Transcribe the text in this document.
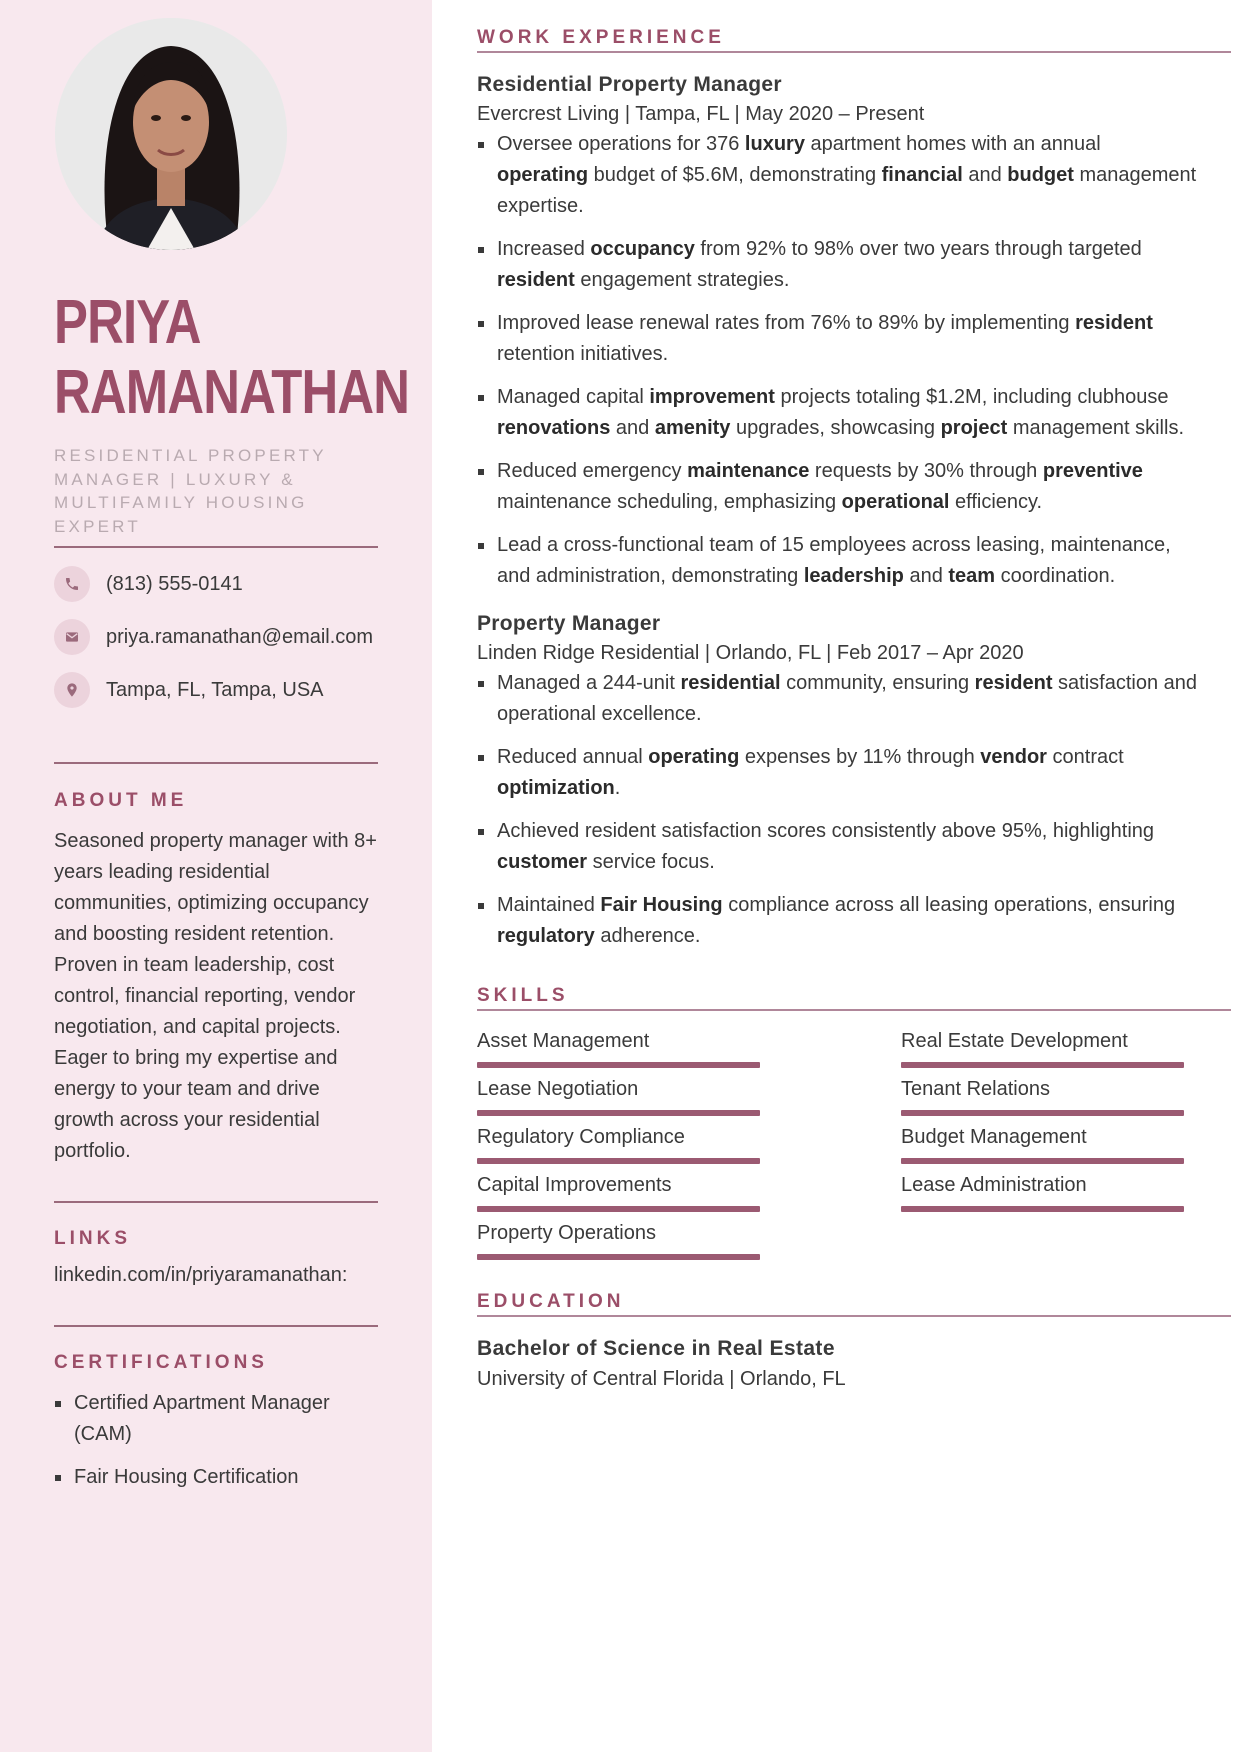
PRIYA
RAMANATHAN
RESIDENTIAL PROPERTY MANAGER | LUXURY & MULTIFAMILY HOUSING EXPERT
(813) 555-0141
priya.ramanathan@email.com
Tampa, FL, Tampa, USA
ABOUT ME
Seasoned property manager with 8+ years leading residential communities, optimizing occupancy and boosting resident retention. Proven in team leadership, cost control, financial reporting, vendor negotiation, and capital projects. Eager to bring my expertise and energy to your team and drive growth across your residential portfolio.
LINKS
linkedin.com/in/priyaramanathan:
CERTIFICATIONS
Certified Apartment Manager (CAM)
Fair Housing Certification
WORK EXPERIENCE
Residential Property Manager
Evercrest Living | Tampa, FL | May 2020 – Present
Oversee operations for 376 luxury apartment homes with an annual operating budget of $5.6M, demonstrating financial and budget management expertise.
Increased occupancy from 92% to 98% over two years through targeted resident engagement strategies.
Improved lease renewal rates from 76% to 89% by implementing resident retention initiatives.
Managed capital improvement projects totaling $1.2M, including clubhouse renovations and amenity upgrades, showcasing project management skills.
Reduced emergency maintenance requests by 30% through preventive maintenance scheduling, emphasizing operational efficiency.
Lead a cross-functional team of 15 employees across leasing, maintenance, and administration, demonstrating leadership and team coordination.
Property Manager
Linden Ridge Residential | Orlando, FL | Feb 2017 – Apr 2020
Managed a 244-unit residential community, ensuring resident satisfaction and operational excellence.
Reduced annual operating expenses by 11% through vendor contract optimization.
Achieved resident satisfaction scores consistently above 95%, highlighting customer service focus.
Maintained Fair Housing compliance across all leasing operations, ensuring regulatory adherence.
SKILLS
Asset Management	Real Estate Development
Lease Negotiation	Tenant Relations
Regulatory Compliance	Budget Management
Capital Improvements	Lease Administration
Property Operations
EDUCATION
Bachelor of Science in Real Estate
University of Central Florida | Orlando, FL
